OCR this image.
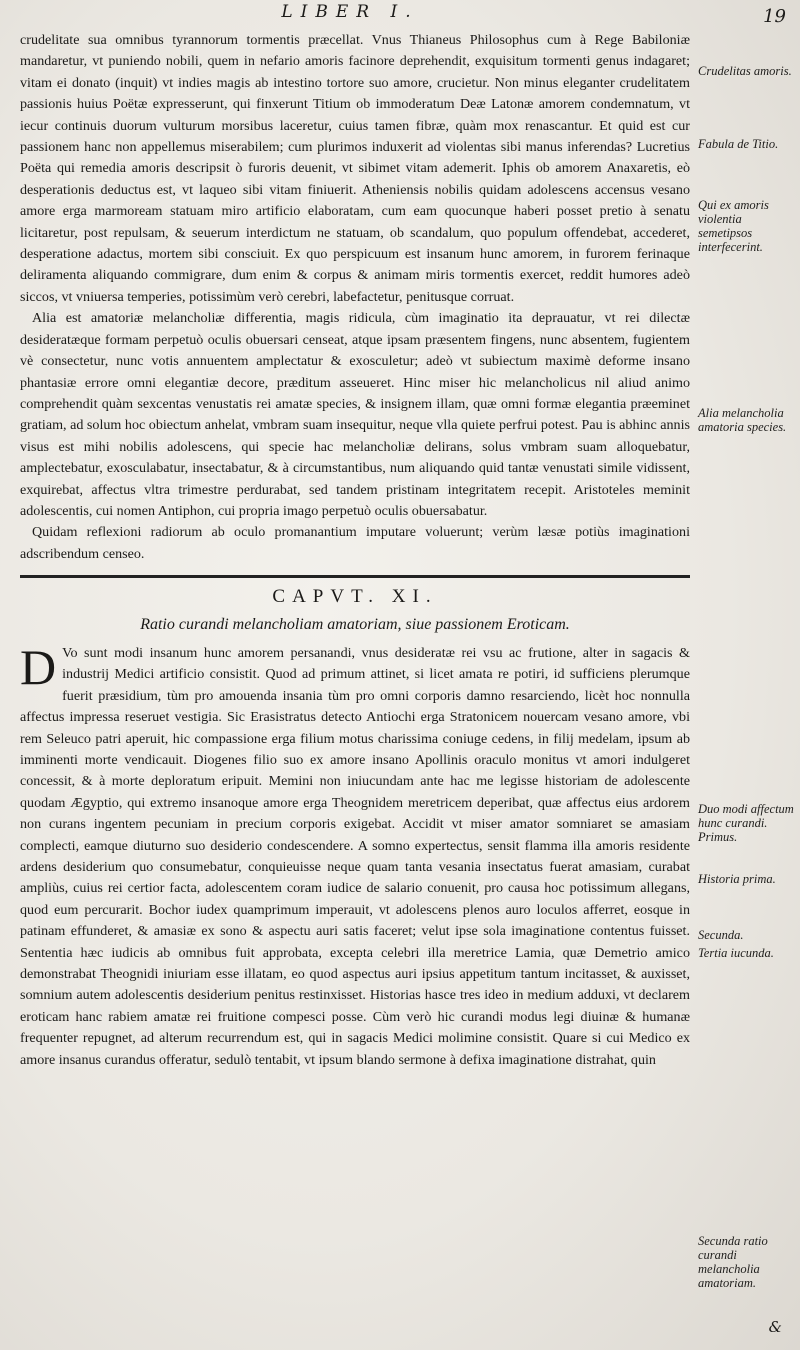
LIBER I.	19

crudelitate sua omnibus tyrannorum tormentis præcellat. Vnus Thianeus Philosophus cum à Rege Babiloniæ mandaretur, vt puniendo nobili, quem in nefario amoris facinore deprehendit, exquisitum tormenti genus indagaret; vitam ei donato (inquit) vt indies magis ab intestino tortore suo amore, crucietur. Non minus eleganter crudelitatem passionis huius Poëtæ expresserunt, qui finxerunt Titium ob immoderatum Deæ Latonæ amorem condemnatum, vt iecur continuis duorum vulturum morsibus laceretur, cuius tamen fibræ, quàm mox renascantur. Et quid est cur passionem hanc non appellemus miserabilem; cum plurimos induxerit ad violentas sibi manus inferendas? Lucretius Poëta qui remedia amoris descripsit ò furoris deuenit, vt sibimet vitam ademerit. Iphis ob amorem Anaxaretis, eò desperationis deductus est, vt laqueo sibi vitam finiuerit. Atheniensis nobilis quidam adolescens accensus vesano amore erga marmoream statuam miro artificio elaboratam, cum eam quocunque haberi posset pretio à senatu licitaretur, post repulsam, & seuerum interdictum ne statuam, ob scandalum, quo populum offendebat, accederet, desperatione adactus, mortem sibi consciuit. Ex quo perspicuum est insanum hunc amorem, in furorem ferinaque deliramenta aliquando commigrare, dum enim & corpus & animam miris tormentis exercet, reddit humores adeò siccos, vt vniuersa temperies, potissimùm verò cerebri, labefactetur, penitusque corruat.

Alia est amatoriæ melancholiæ differentia, magis ridicula, cùm imaginatio ita deprauatur, vt rei dilectæ desideratæque formam perpetuò oculis obuersari censeat, atque ipsam præsentem fingens, nunc absentem, fugientem vè consectetur, nunc votis annuentem amplectatur & exosculetur; adeò vt subiectum maximè deforme insano phantasiæ errore omni elegantiæ decore, præditum asseueret. Hinc miser hic melancholicus nil aliud animo comprehendit quàm sexcentas venustatis rei amatæ species, & insignem illam, quæ omni formæ elegantia præeminet gratiam, ad solum hoc obiectum anhelat, vmbram suam insequitur, neque vlla quiete perfrui potest. Pau is abhinc annis visus est mihi nobilis adolescens, qui specie hac melancholiæ delirans, solus vmbram suam alloquebatur, amplectebatur, exosculabatur, insectabatur, & à circumstantibus, num aliquando quid tantæ venustati simile vidissent, exquirebat, affectus vltra trimestre perdurabat, sed tandem pristinam integritatem recepit. Aristoteles meminit adolescentis, cui nomen Antiphon, cui propria imago perpetuò oculis obuersabatur.

Quidam reflexioni radiorum ab oculo promanantium imputare voluerunt; verùm læsæ potiùs imaginationi adscribendum censeo.

CAPVT. XI.
Ratio curandi melancholiam amatoriam, siue passionem Eroticam.

D Vo sunt modi insanum hunc amorem persanandi, vnus desideratæ rei vsu ac frutione, alter in sagacis & industrij Medici artificio consistit. Quod ad primum attinet, si licet amata re potiri, id sufficiens plerumque fuerit præsidium, tùm pro amouenda insania tùm pro omni corporis damno resarciendo, licèt hoc nonnulla affectus impressa reseruet vestigia. Sic Erasistratus detecto Antiochi erga Stratonicem nouercam vesano amore, vbi rem Seleuco patri aperuit, hic compassione erga filium motus charissima coniuge cedens, in filij medelam, ipsum ab imminenti morte vendicauit. Diogenes filio suo ex amore insano Apollinis oraculo monitus vt amori indulgeret concessit, & à morte deploratum eripuit. Memini non iniucundam ante hac me legisse historiam de adolescente quodam Ægyptio, qui extremo insanoque amore erga Theognidem meretricem deperibat, quæ affectus eius ardorem non curans ingentem pecuniam in precium corporis exigebat. Accidit vt miser amator somniaret se amasiam complecti, eamque diuturno suo desiderio condescendere. A somno expertectus, sensit flamma illa amoris residente ardens desiderium quo consumebatur, conquieuisse neque quam tanta vesania insectatus fuerat amasiam, curabat ampliùs, cuius rei certior facta, adolescentem coram iudice de salario conuenit, pro causa hoc potissimum allegans, quod eum percurarit. Bochor iudex quamprimum imperauit, vt adolescens plenos auro loculos afferret, eosque in patinam effunderet, & amasiæ ex sono & aspectu auri satis faceret; velut ipse sola imaginatione contentus fuisset. Sententia hæc iudicis ab omnibus fuit approbata, excepta celebri illa meretrice Lamia, quæ Demetrio amico demonstrabat Theognidi iniuriam esse illatam, eo quod aspectus auri ipsius appetitum tantum incitasset, & auxisset, somnium autem adolescentis desiderium penitus restinxisset. Historias hasce tres ideo in medium adduxi, vt declarem eroticam hanc rabiem amatæ rei fruitione compesci posse. Cùm verò hic curandi modus legi diuinæ & humanæ frequenter repugnet, ad alterum recurrendum est, qui in sagacis Medici molimine consistit. Quare si cui Medico ex amore insanus curandus offeratur, sedulò tentabit, vt ipsum blando sermone à defixa imaginatione distrahat, quin

Crudelitas amoris.
Fabula de Titio.
Qui ex amoris violentia semetipsos interfecerint.
Alia melancholia amatoria species.
Duo modi affectum hunc curandi. Primus.
Historia prima.
Secunda.
Tertia iucunda.
Secunda ratio curandi melancholia amatoriam.
&
